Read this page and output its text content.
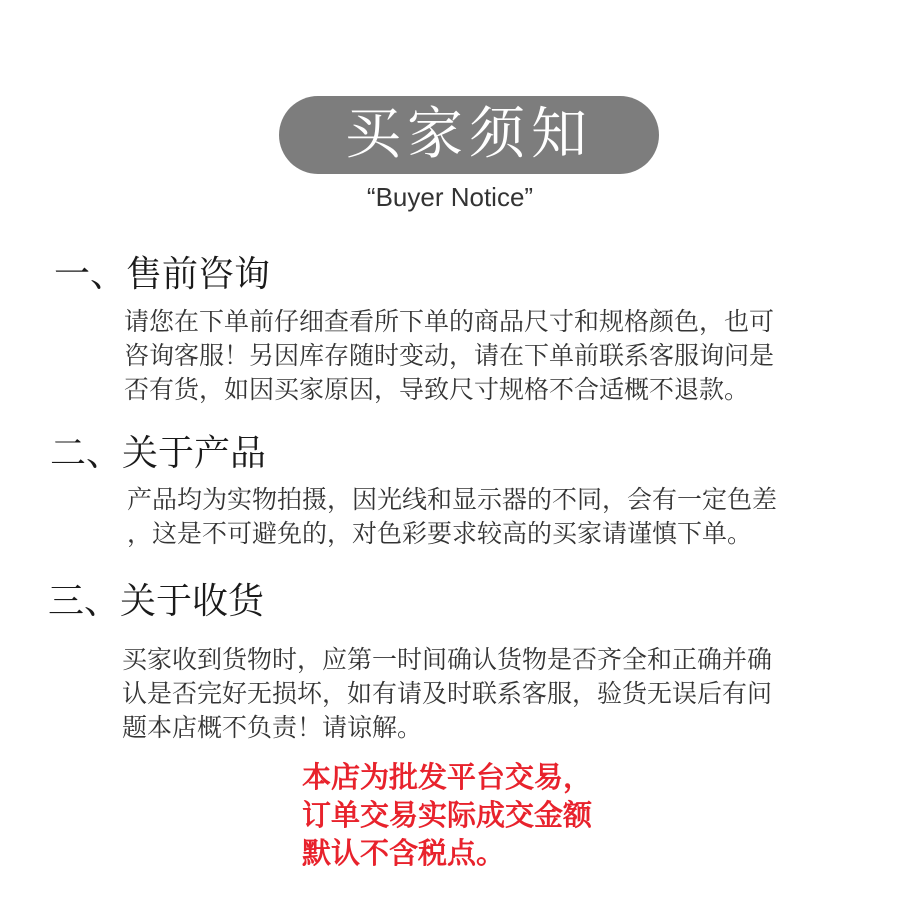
买家须知
“Buyer Notice”
一、售前咨询

请您在下单前仔细查看所下单的商品尺寸和规格颜色，也可
咨询客服！另因库存随时变动，请在下单前联系客服询问是
否有货，如因买家原因，导致尺寸规格不合适概不退款。

二、关于产品

产品均为实物拍摄，因光线和显示器的不同，会有一定色差
，这是不可避免的，对色彩要求较高的买家请谨慎下单。

三、关于收货

买家收到货物时，应第一时间确认货物是否齐全和正确并确
认是否完好无损坏，如有请及时联系客服，验货无误后有问
题本店概不负责！请谅解。

本店为批发平台交易，
订单交易实际成交金额
默认不含税点。
